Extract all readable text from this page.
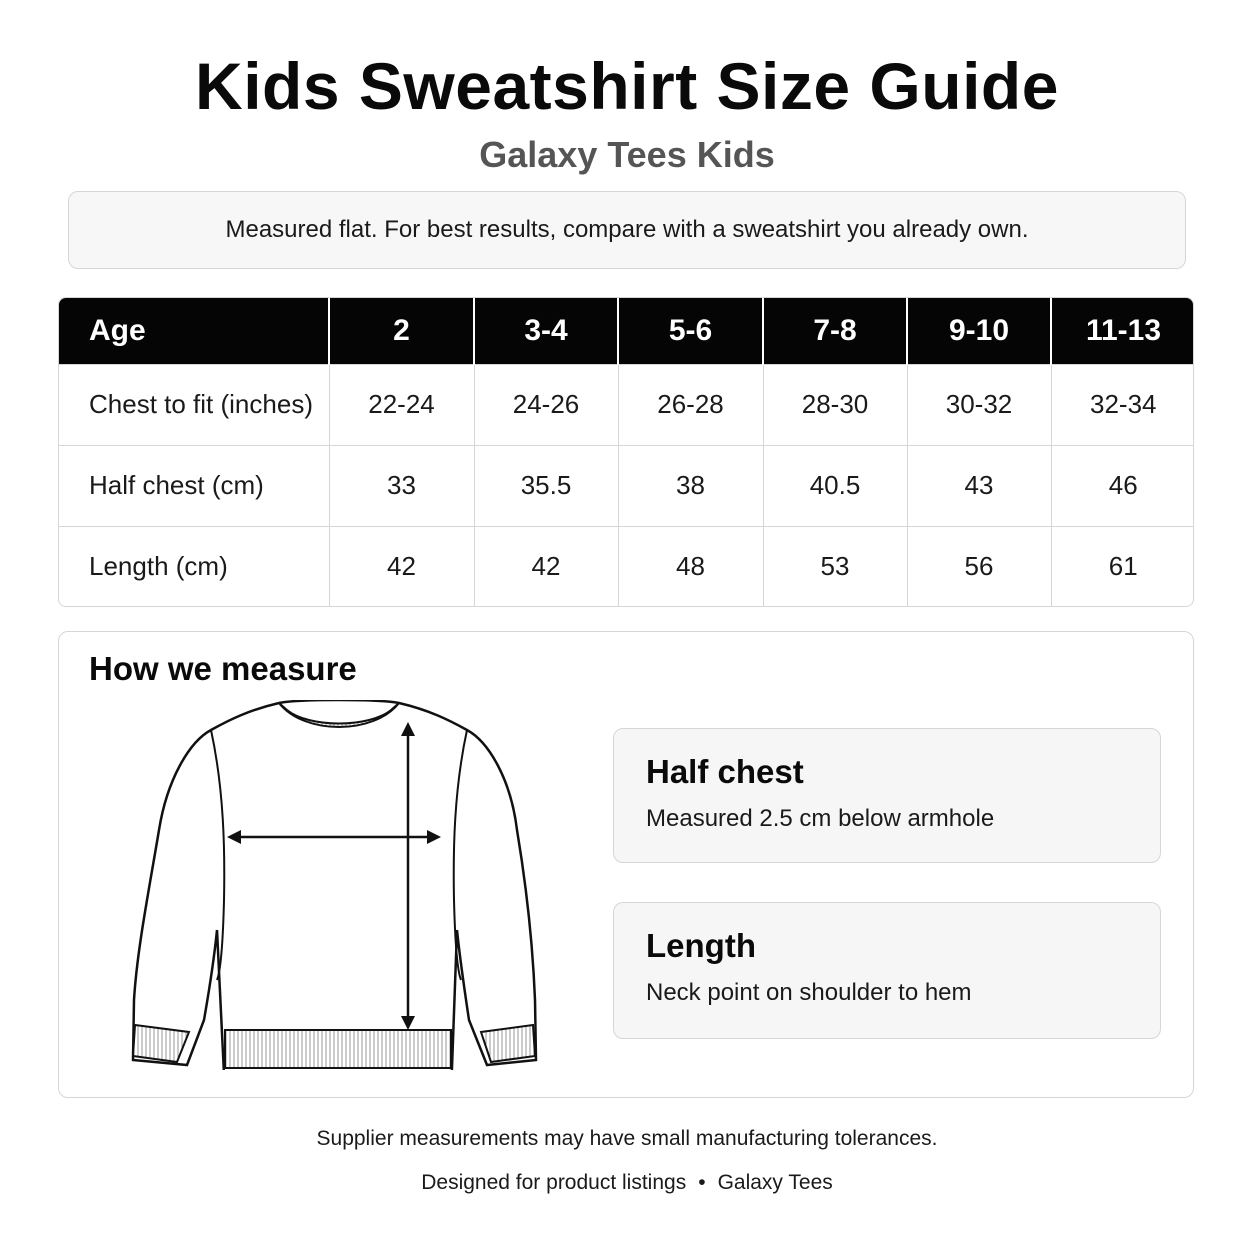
Kids Sweatshirt Size Guide
Galaxy Tees Kids
Measured flat. For best results, compare with a sweatshirt you already own.
Age	2	3-4	5-6	7-8	9-10	11-13
Chest to fit (inches)	22-24	24-26	26-28	28-30	30-32	32-34
Half chest (cm)	33	35.5	38	40.5	43	46
Length (cm)	42	42	48	53	56	61
How we measure
Half chest
Measured 2.5 cm below armhole
Length
Neck point on shoulder to hem
Supplier measurements may have small manufacturing tolerances.
Designed for product listings • Galaxy Tees
